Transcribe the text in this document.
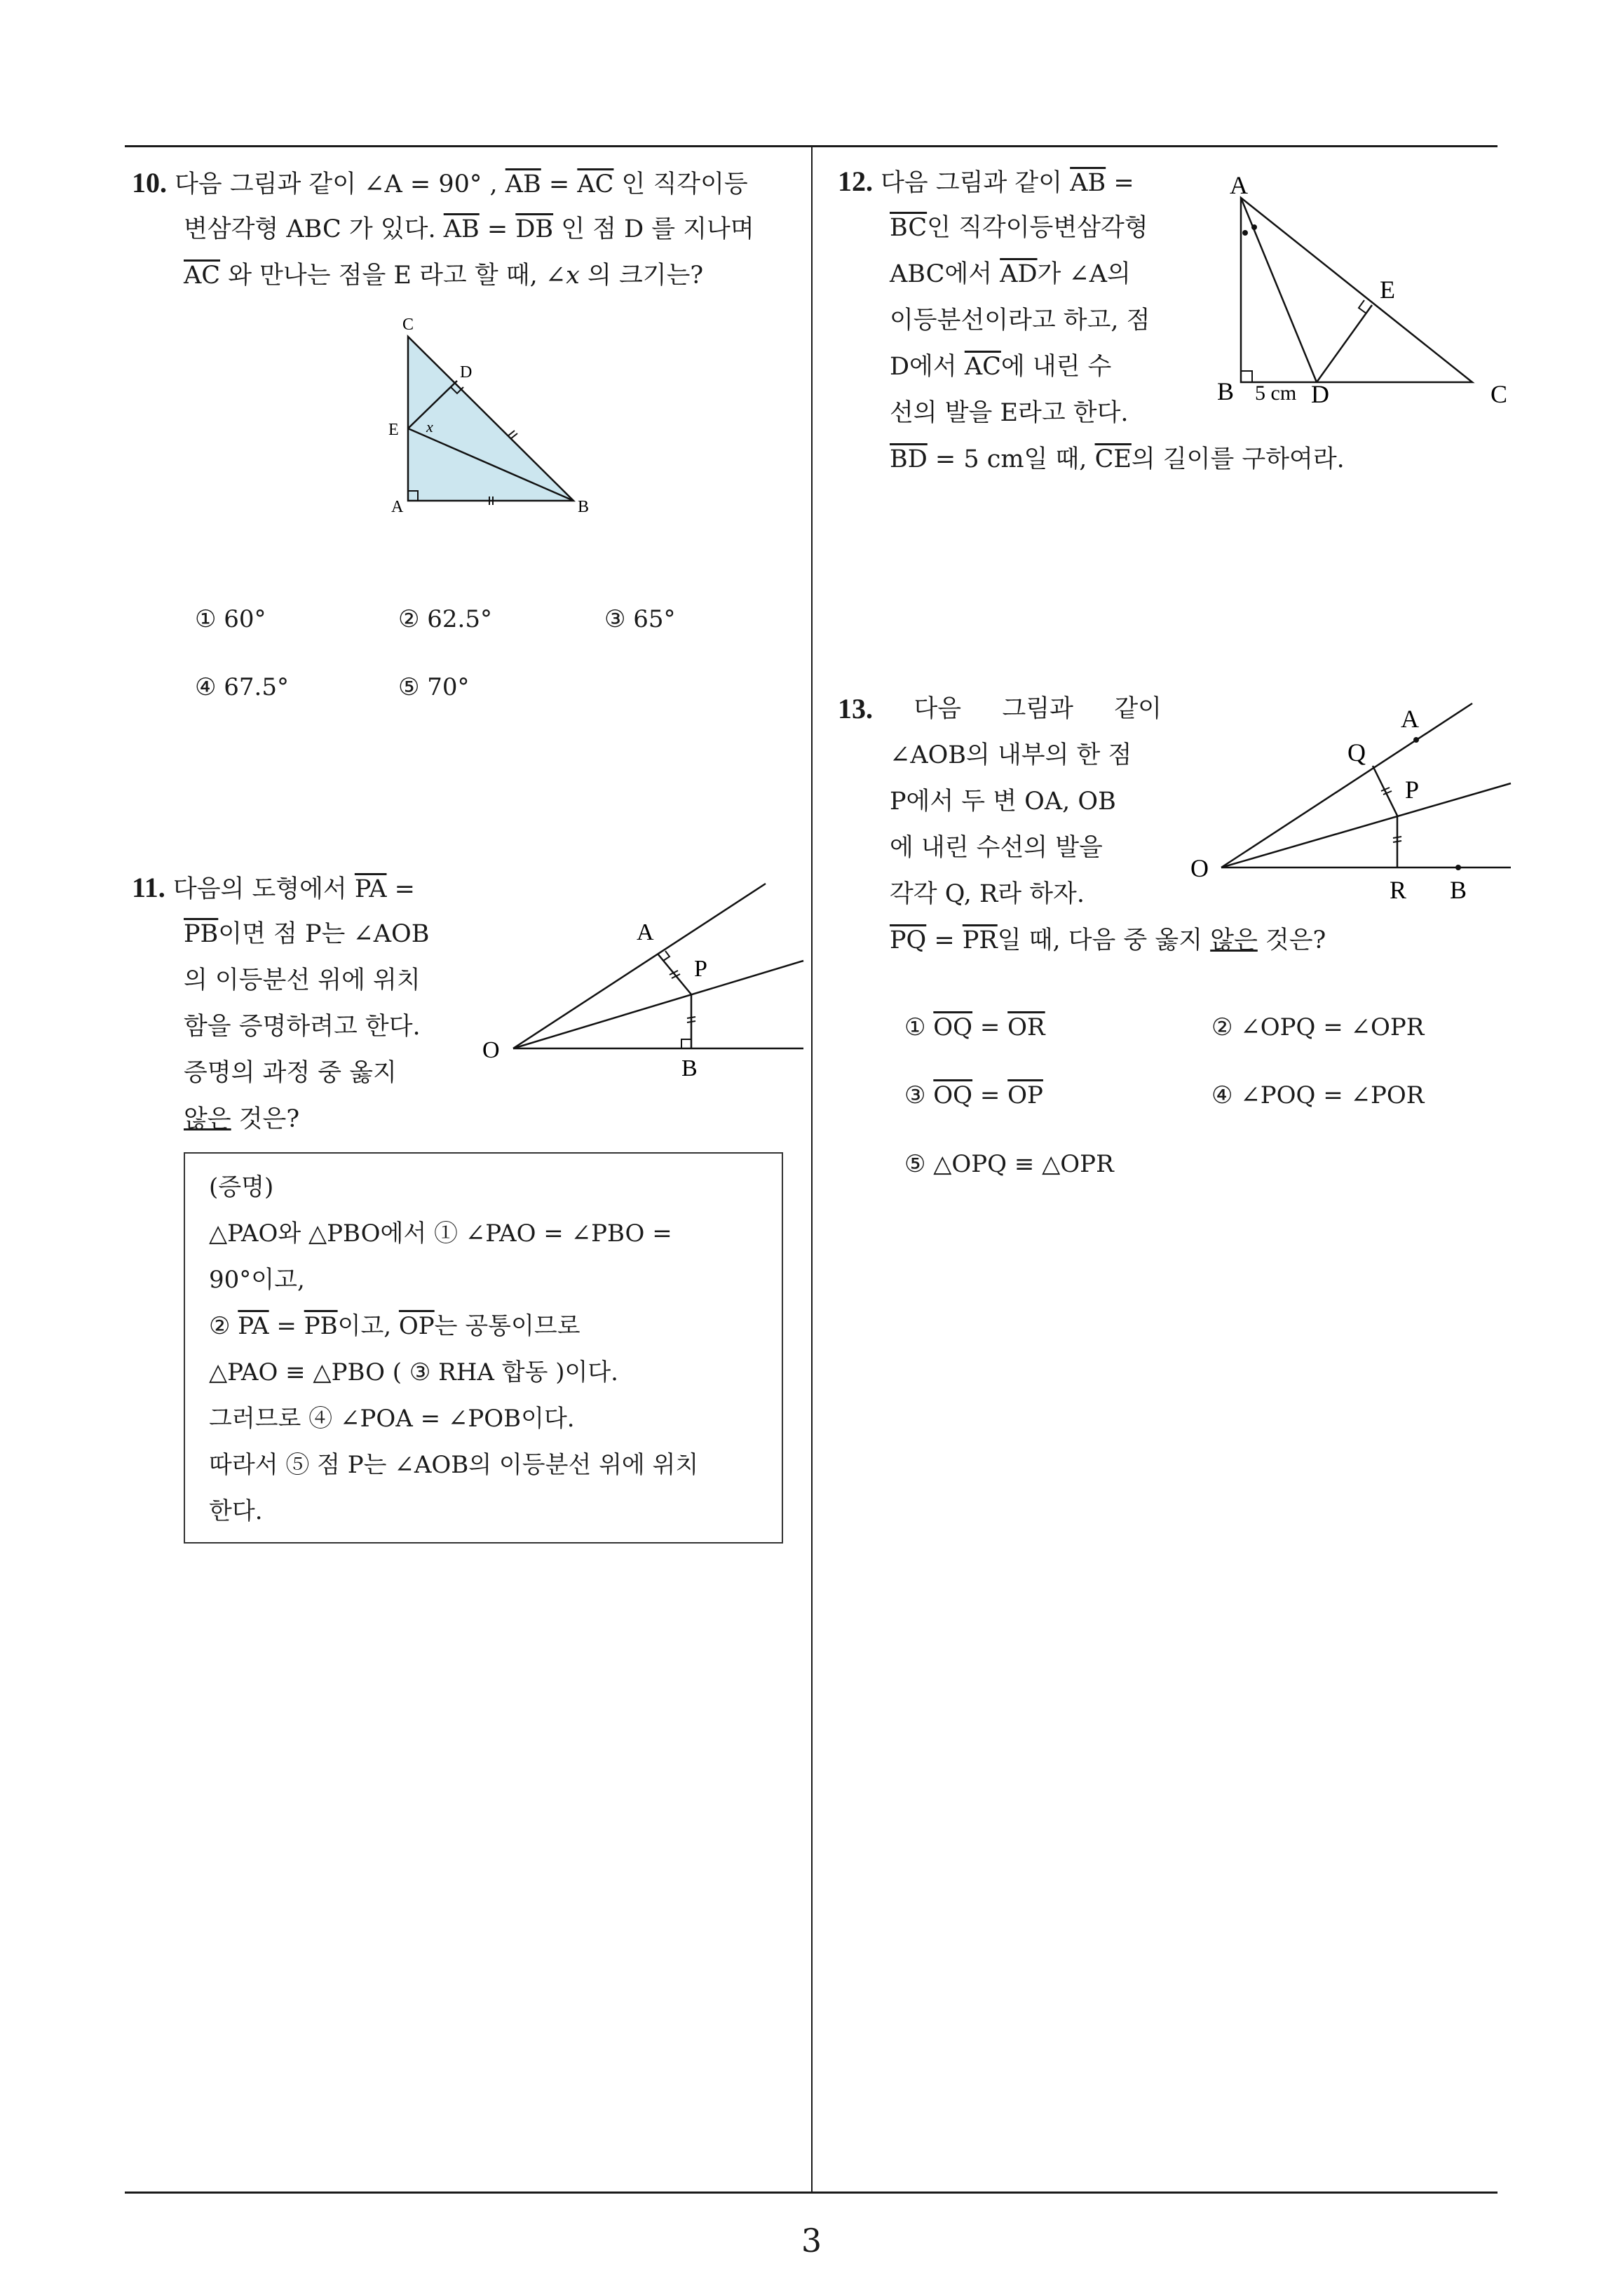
10. 다음 그림과 같이 ∠A = 90° , $\overline{AB} = \overline{AC}$ 인 직각이등
변삼각형 ABC 가 있다. $\overline{AB} = \overline{DB}$ 인 점 D 를 지나며
$\overline{AC}$ 와 만나는 점을 E 라고 할 때, ∠x 의 크기는?
C
D
E x
A	B
① 60°	② 62.5°	③ 65°
④ 67.5°	⑤ 70°
11. 다음의 도형에서 $\overline{PA}$ =
$\overline{PB}$이면 점 P는 ∠AOB
의 이등분선 위에 위치
함을 증명하려고 한다.
증명의 과정 중 옳지
않은 것은?
O
A
P
B
(증명)
△PAO와 △PBO에서 ① ∠PAO = ∠PBO =
90°이고,
② $\overline{PA} = \overline{PB}$이고, $\overline{OP}$는 공통이므로
△PAO ≡ △PBO ( ③ RHA 합동 )이다.
그러므로 ④ ∠POA = ∠POB이다.
따라서 ⑤ 점 P는 ∠AOB의 이등분선 위에 위치
한다.
12. 다음 그림과 같이 $\overline{AB}$ =
$\overline{BC}$인 직각이등변삼각형
ABC에서 $\overline{AD}$가 ∠A의
이등분선이라고 하고, 점
D에서 $\overline{AC}$에 내린 수
선의 발을 E라고 한다.
$\overline{BD} = 5$ cm일 때, $\overline{CE}$의 길이를 구하여라.
A
E
B 5 cm D	C
13. 다음 그림과 같이
∠AOB의 내부의 한 점
P에서 두 변 OA, OB
에 내린 수선의 발을
각각 Q, R라 하자.
$\overline{PQ} = \overline{PR}$일 때, 다음 중 옳지 않은 것은?
A
Q
P
O
R B
① $\overline{OQ} = \overline{OR}$	② ∠OPQ = ∠OPR
③ $\overline{OQ} = \overline{OP}$	④ ∠POQ = ∠POR
⑤ △OPQ ≡ △OPR
3
